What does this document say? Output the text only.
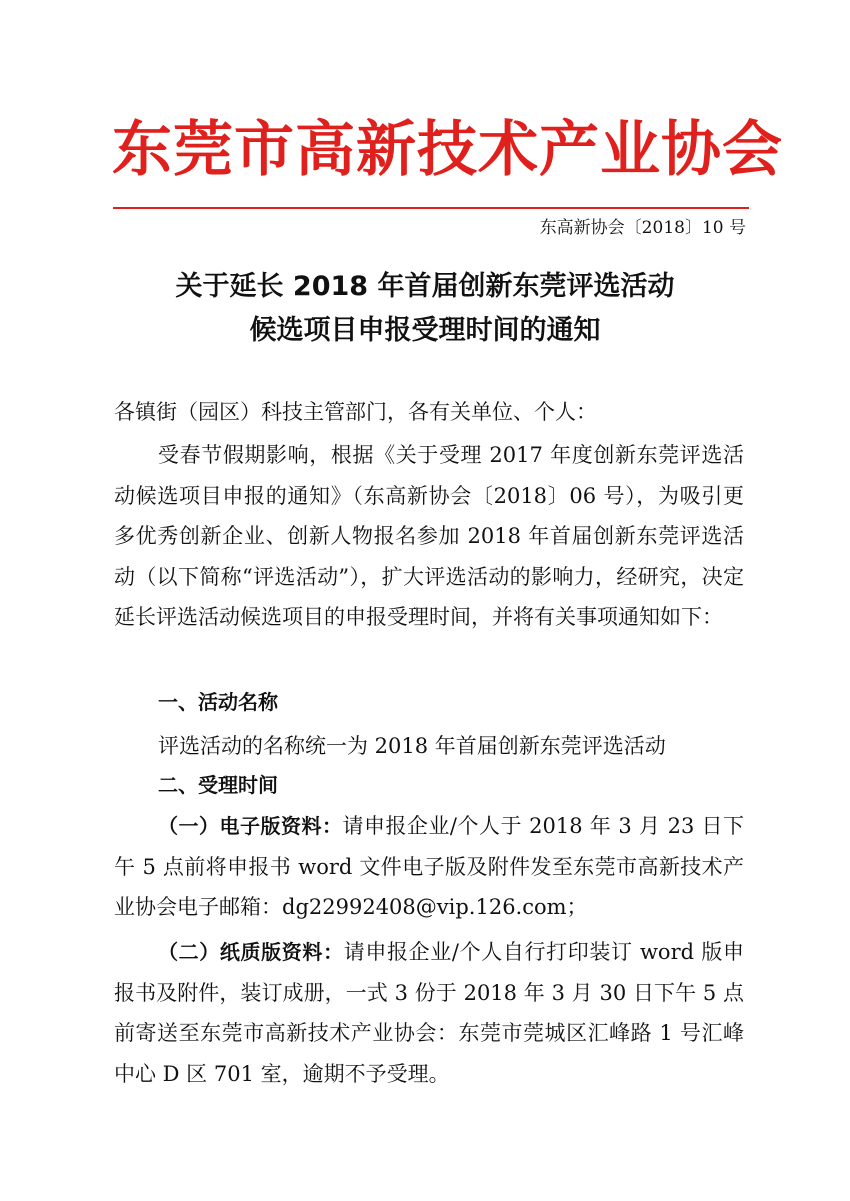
东莞市高新技术产业协会
东高新协会〔2018〕10 号
关于延长 2018 年首届创新东莞评选活动
候选项目申报受理时间的通知
各镇街（园区）科技主管部门，各有关单位、个人：

受春节假期影响，根据《关于受理 2017 年度创新东莞评选活动候选项目申报的通知》（东高新协会〔2018〕06 号），为吸引更多优秀创新企业、创新人物报名参加 2018 年首届创新东莞评选活动（以下简称“评选活动”），扩大评选活动的影响力，经研究，决定延长评选活动候选项目的申报受理时间，并将有关事项通知如下：

一、活动名称
评选活动的名称统一为 2018 年首届创新东莞评选活动
二、受理时间

（一）电子版资料：请申报企业/个人于 2018 年 3 月 23 日下午 5 点前将申报书 word 文件电子版及附件发至东莞市高新技术产业协会电子邮箱：dg22992408@vip.126.com；

（二）纸质版资料：请申报企业/个人自行打印装订 word 版申报书及附件，装订成册，一式 3 份于 2018 年 3 月 30 日下午 5 点前寄送至东莞市高新技术产业协会：东莞市莞城区汇峰路 1 号汇峰中心 D 区 701 室，逾期不予受理。
